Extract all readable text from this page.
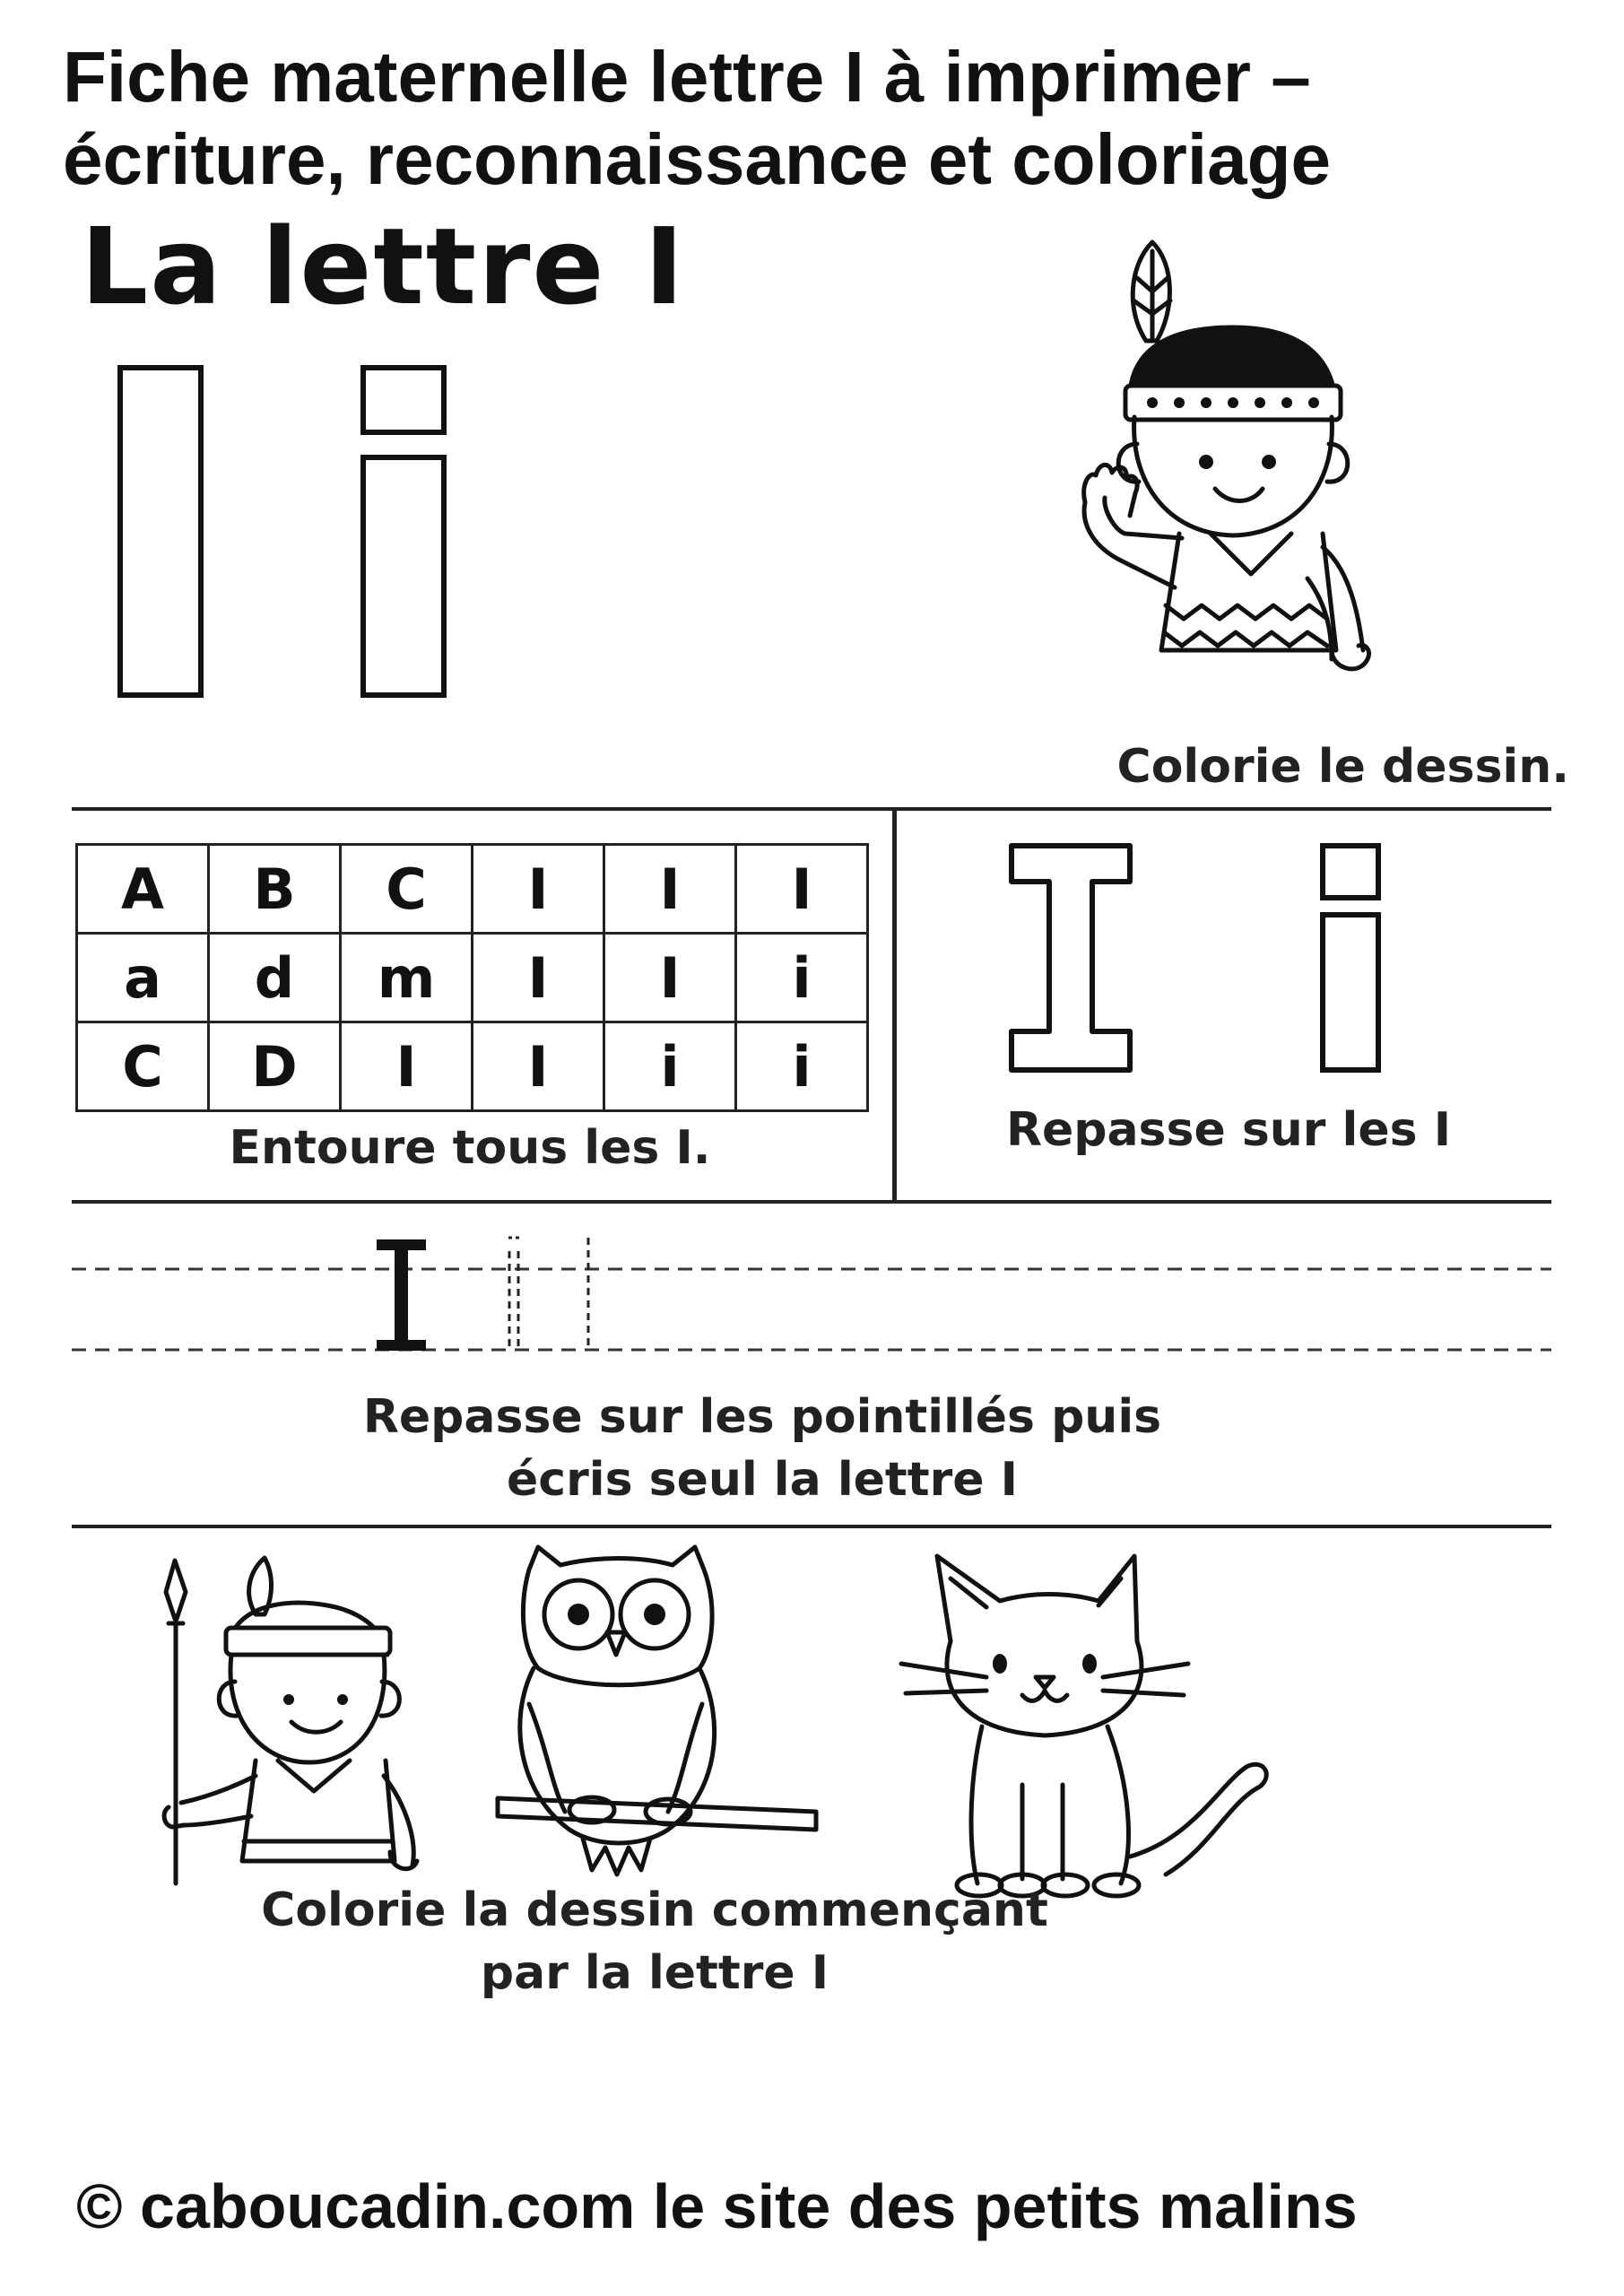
Fiche maternelle lettre I à imprimer –
écriture, reconnaissance et coloriage
La lettre I
Colorie le dessin.
A	B	C	I	I	I
a	d	m	I	I	i
C	D	I	I	i	i
Entoure tous les I.	Repasse sur les I
Repasse sur les pointillés puis
écris seul la lettre I
Colorie la dessin commençant
par la lettre I
© caboucadin.com le site des petits malins
